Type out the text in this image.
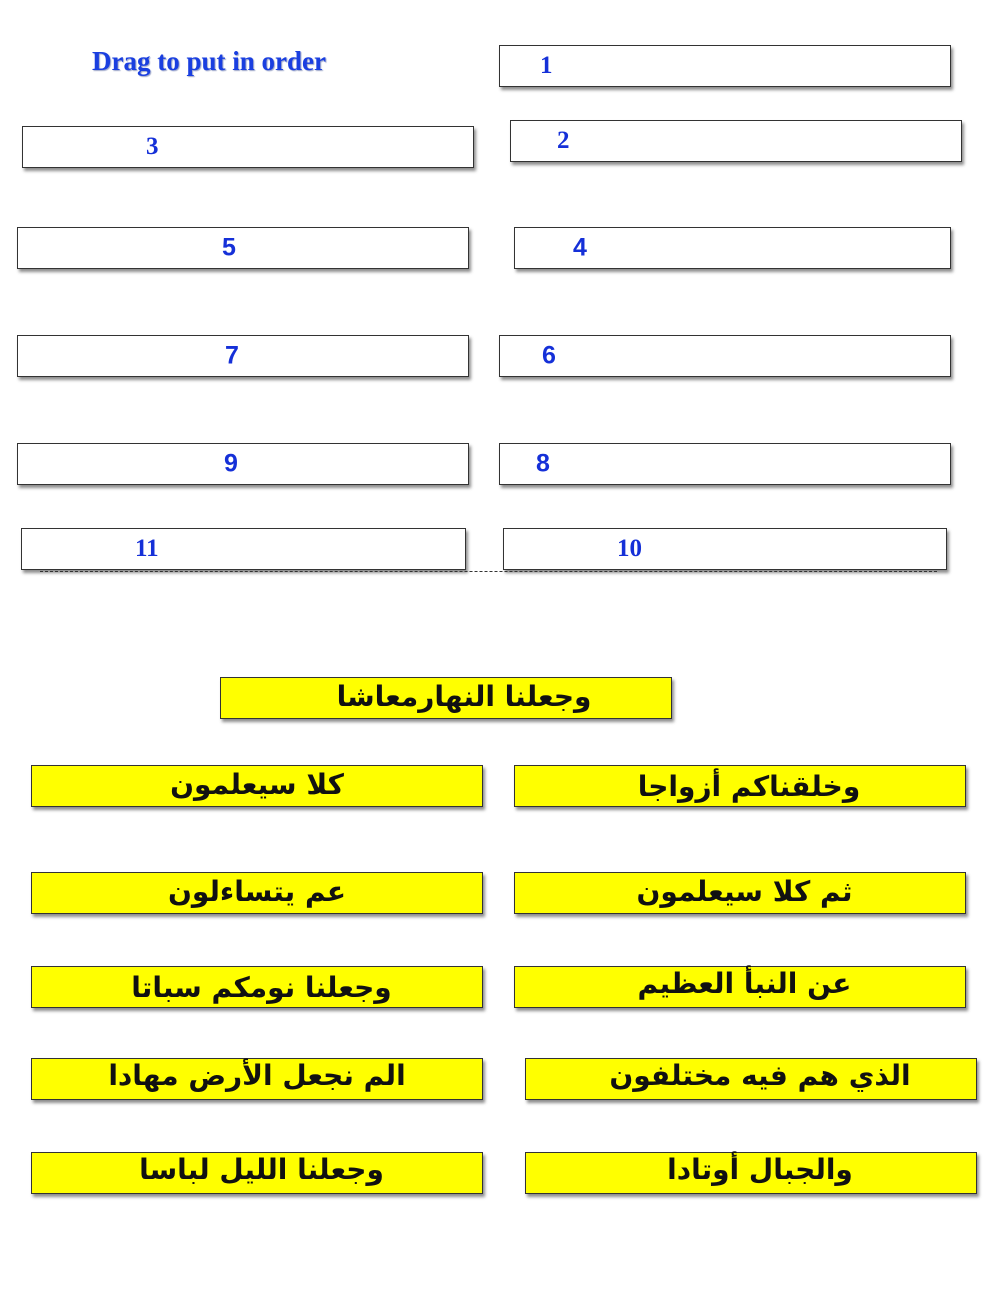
Drag to put in order	1
2
3
4
5
6
7
8
9
10
11
وجعلنا النهارمعاشا
كلا سيعلمون	وخلقناكم أزواجا
عم يتساءلون	ثم كلا سيعلمون
وجعلنا نومكم سباتا	عن النبأ العظيم
الم نجعل الأرض مهادا	الذي هم فيه مختلفون
وجعلنا الليل لباسا	والجبال أوتادا
